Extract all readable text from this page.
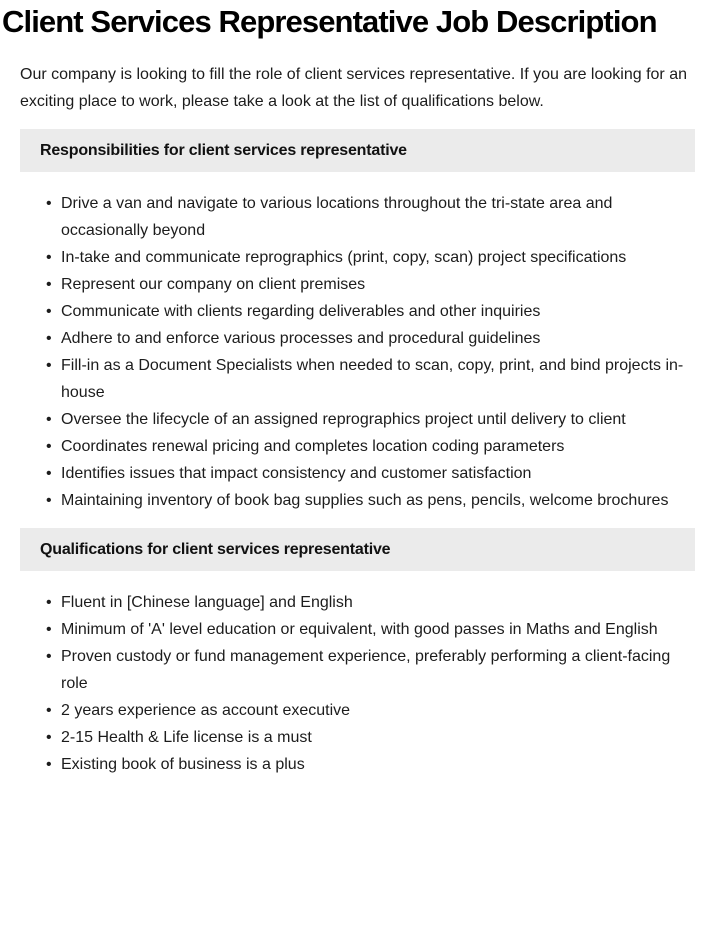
Client Services Representative Job Description

Our company is looking to fill the role of client services representative. If you are looking for an exciting place to work, please take a look at the list of qualifications below.

Responsibilities for client services representative
• Drive a van and navigate to various locations throughout the tri-state area and occasionally beyond
• In-take and communicate reprographics (print, copy, scan) project specifications
• Represent our company on client premises
• Communicate with clients regarding deliverables and other inquiries
• Adhere to and enforce various processes and procedural guidelines
• Fill-in as a Document Specialists when needed to scan, copy, print, and bind projects in-house
• Oversee the lifecycle of an assigned reprographics project until delivery to client
• Coordinates renewal pricing and completes location coding parameters
• Identifies issues that impact consistency and customer satisfaction
• Maintaining inventory of book bag supplies such as pens, pencils, welcome brochures
Qualifications for client services representative
• Fluent in [Chinese language] and English
• Minimum of 'A' level education or equivalent, with good passes in Maths and English
• Proven custody or fund management experience, preferably performing a client-facing role
• 2 years experience as account executive
• 2-15 Health & Life license is a must
• Existing book of business is a plus
